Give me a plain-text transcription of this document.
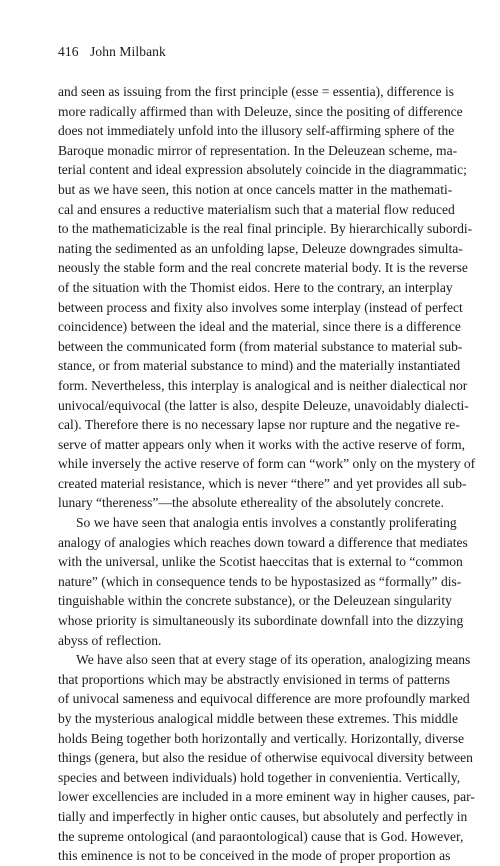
416 John Milbank

and seen as issuing from the first principle (esse = essentia), difference is
more radically affirmed than with Deleuze, since the positing of difference
does not immediately unfold into the illusory self-affirming sphere of the
Baroque monadic mirror of representation. In the Deleuzean scheme, ma-
terial content and ideal expression absolutely coincide in the diagrammatic;
but as we have seen, this notion at once cancels matter in the mathemati-
cal and ensures a reductive materialism such that a material flow reduced
to the mathematicizable is the real final principle. By hierarchically subordi-
nating the sedimented as an unfolding lapse, Deleuze downgrades simulta-
neously the stable form and the real concrete material body. It is the reverse
of the situation with the Thomist eidos. Here to the contrary, an interplay
between process and fixity also involves some interplay (instead of perfect
coincidence) between the ideal and the material, since there is a difference
between the communicated form (from material substance to material sub-
stance, or from material substance to mind) and the materially instantiated
form. Nevertheless, this interplay is analogical and is neither dialectical nor
univocal/equivocal (the latter is also, despite Deleuze, unavoidably dialecti-
cal). Therefore there is no necessary lapse nor rupture and the negative re-
serve of matter appears only when it works with the active reserve of form,
while inversely the active reserve of form can “work” only on the mystery of
created material resistance, which is never “there” and yet provides all sub-
lunary “thereness”—the absolute ethereality of the absolutely concrete.

So we have seen that analogia entis involves a constantly proliferating
analogy of analogies which reaches down toward a difference that mediates
with the universal, unlike the Scotist haeccitas that is external to “common
nature” (which in consequence tends to be hypostasized as “formally” dis-
tinguishable within the concrete substance), or the Deleuzean singularity
whose priority is simultaneously its subordinate downfall into the dizzying
abyss of reflection.

We have also seen that at every stage of its operation, analogizing means
that proportions which may be abstractly envisioned in terms of patterns
of univocal sameness and equivocal difference are more profoundly marked
by the mysterious analogical middle between these extremes. This middle
holds Being together both horizontally and vertically. Horizontally, diverse
things (genera, but also the residue of otherwise equivocal diversity between
species and between individuals) hold together in convenientia. Vertically,
lower excellencies are included in a more eminent way in higher causes, par-
tially and imperfectly in higher ontic causes, but absolutely and perfectly in
the supreme ontological (and paraontological) cause that is God. However,
this eminence is not to be conceived in the mode of proper proportion as
